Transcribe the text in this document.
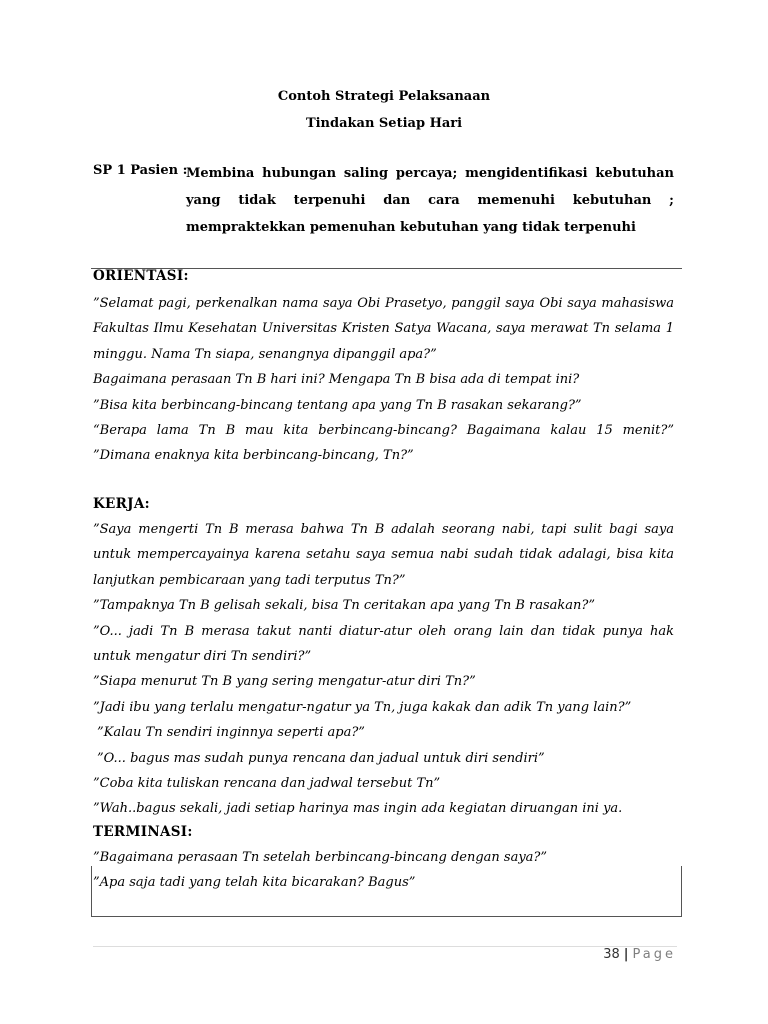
Contoh Strategi Pelaksanaan
Tindakan Setiap Hari
SP 1 Pasien :
Membina hubungan saling percaya; mengidentifikasi kebutuhan yang tidak terpenuhi dan cara memenuhi kebutuhan ; mempraktekkan pemenuhan kebutuhan yang tidak terpenuhi
ORIENTASI:

”Selamat pagi, perkenalkan nama saya Obi Prasetyo, panggil saya Obi saya mahasiswa Fakultas Ilmu Kesehatan Universitas Kristen Satya Wacana, saya merawat Tn selama 1 minggu. Nama Tn siapa, senangnya dipanggil apa?”

Bagaimana perasaan Tn B hari ini? Mengapa Tn B bisa ada di tempat ini?

”Bisa kita berbincang-bincang tentang apa yang Tn B rasakan sekarang?”

“Berapa lama Tn B mau kita berbincang-bincang? Bagaimana kalau 15 menit?” ”Dimana enaknya kita berbincang-bincang, Tn?”

KERJA:

”Saya mengerti Tn B merasa bahwa Tn B adalah seorang nabi, tapi sulit bagi saya untuk mempercayainya karena setahu saya semua nabi sudah tidak adalagi, bisa kita lanjutkan pembicaraan yang tadi terputus Tn?”

”Tampaknya Tn B gelisah sekali, bisa Tn ceritakan apa yang Tn B rasakan?”

”O... jadi Tn B merasa takut nanti diatur-atur oleh orang lain dan tidak punya hak untuk mengatur diri Tn sendiri?”

”Siapa menurut Tn B yang sering mengatur-atur diri Tn?”

”Jadi ibu yang terlalu mengatur-ngatur ya Tn, juga kakak dan adik Tn yang lain?”

”Kalau Tn sendiri inginnya seperti apa?”

”O... bagus mas sudah punya rencana dan jadual untuk diri sendiri”

”Coba kita tuliskan rencana dan jadwal tersebut Tn”

”Wah..bagus sekali, jadi setiap harinya mas ingin ada kegiatan diruangan ini ya.

TERMINASI:

”Bagaimana perasaan Tn setelah berbincang-bincang dengan saya?”

”Apa saja tadi yang telah kita bicarakan? Bagus”

38 | Page
